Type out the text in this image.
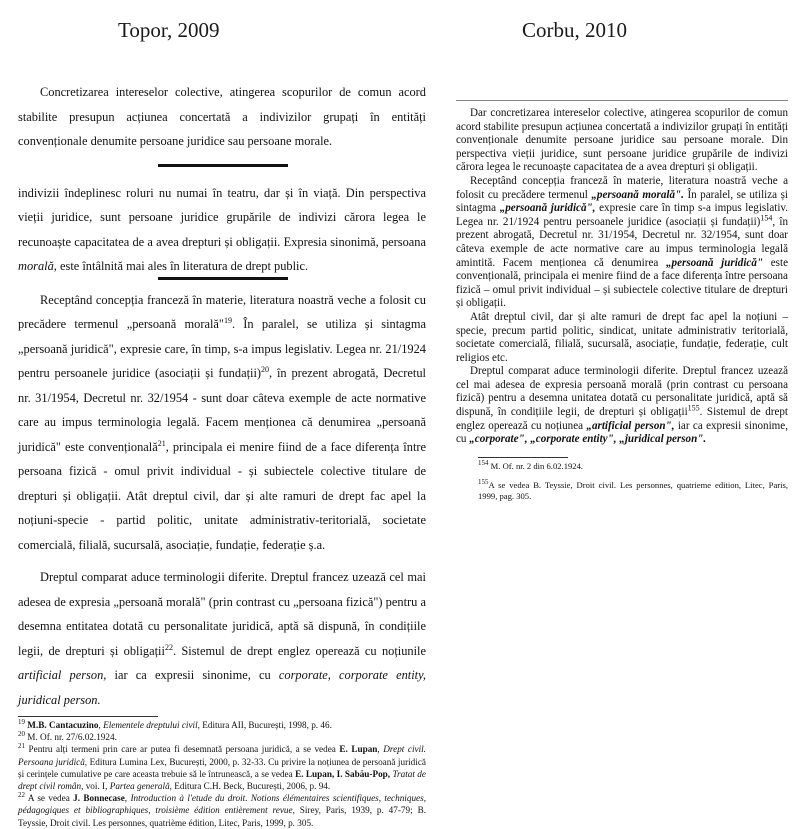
Topor, 2009	Corbu, 2010

Concretizarea intereselor colective, atingerea scopurilor de comun acord stabilite presupun acțiunea concertată a indivizilor grupați în entități convenționale denumite persoane juridice sau persoane morale.

indivizii îndeplinesc roluri nu numai în teatru, dar și în viață. Din perspectiva vieții juridice, sunt persoane juridice grupările de indivizi cărora legea le recunoaște capacitatea de a avea drepturi și obligații. Expresia sinonimă, persoana morală, este întâlnită mai ales în literatura de drept public.

Receptând concepția franceză în materie, literatura noastră veche a folosit cu precădere termenul „persoană morală"$^{19}$. În paralel, se utiliza și sintagma „persoană juridică", expresie care, în timp, s-a impus legislativ. Legea nr. 21/1924 pentru persoanele juridice (asociații și fundații)$^{20}$, în prezent abrogată, Decretul nr. 31/1954, Decretul nr. 32/1954 - sunt doar câteva exemple de acte normative care au impus terminologia legală. Facem menționea că denumirea „persoană juridică" este convențională$^{21}$, principala ei menire fiind de a face diferența între persoana fizică - omul privit individual - și subiectele colective titulare de drepturi și obligații. Atât dreptul civil, dar și alte ramuri de drept fac apel la noțiuni-specie - partid politic, unitate administrativ-teritorială, societate comercială, filială, sucursală, asociație, fundație, federație ș.a.

Dreptul comparat aduce terminologii diferite. Dreptul francez uzează cel mai adesea de expresia „persoană morală" (prin contrast cu „persoana fizică") pentru a desemna entitatea dotată cu personalitate juridică, aptă să dispună, în condițiile legii, de drepturi și obligații$^{22}$. Sistemul de drept englez operează cu noțiunile artificial person, iar ca expresii sinonime, cu corporate, corporate entity, juridical person.

$^{19}$ M.B. Cantacuzino, Elementele dreptului civil, Editura AII, București, 1998, p. 46.

$^{20}$ M. Of. nr. 27/6.02.1924.

$^{21}$ Pentru alți termeni prin care ar putea fi desemnată persoana juridică, a se vedea E. Lupan, Drept civil. Persoana juridică, Editura Lumina Lex, București, 2000, p. 32-33. Cu privire la noțiunea de persoană juridică și cerințele cumulative pe care aceasta trebuie să le întrunească, a se vedea E. Lupan, I. Sabău-Pop, Tratat de drept civil român, voi. I, Partea generală, Editura C.H. Beck, București, 2006, p. 94.

$^{22}$ A se vedea J. Bonnecase, Introduction à l'etude du droit. Notions élémentaires scientifiques, techniques, pédagogiques et bibliographiques, troisième édition entièrement revue, Sirey, Paris, 1939, p. 47-79; B. Teyssie, Droit civil. Les personnes, quatrième édition, Litec, Paris, 1999, p. 305.

Dar concretizarea intereselor colective, atingerea scopurilor de comun acord stabilite presupun acțiunea concertată a indivizilor grupați în entități convenționale denumite persoane juridice sau persoane morale. Din perspectiva vieții juridice, sunt persoane juridice grupările de indivizi cărora legea le recunoaște capacitatea de a avea drepturi și obligații.

Receptând concepția franceză în materie, literatura noastră veche a folosit cu precădere termenul „persoană morală". În paralel, se utiliza și sintagma „persoană juridică", expresie care în timp s-a impus legislativ. Legea nr. 21/1924 pentru persoanele juridice (asociații și fundații)$^{154}$, în prezent abrogată, Decretul nr. 31/1954, Decretul nr. 32/1954, sunt doar câteva exemple de acte normative care au impus terminologia legală amintită. Facem menționea că denumirea „persoană juridică" este convențională, principala ei menire fiind de a face diferența între persoana fizică – omul privit individual – și subiectele colective titulare de drepturi și obligații.

Atât dreptul civil, dar și alte ramuri de drept fac apel la noțiuni – specie, precum partid politic, sindicat, unitate administrativ teritorială, societate comercială, filială, sucursală, asociație, fundație, federație, cult religios etc.

Dreptul comparat aduce terminologii diferite. Dreptul francez uzează cel mai adesea de expresia persoană morală (prin contrast cu persoana fizică) pentru a desemna unitatea dotată cu personalitate juridică, aptă să dispună, în condițiile legii, de drepturi și obligații$^{155}$. Sistemul de drept englez operează cu noțiunea „artificial person", iar ca expresii sinonime, cu „corporate", „corporate entity", „juridical person".

$^{154}$ M. Of. nr. 2 din 6.02.1924.

$^{155}$A se vedea B. Teyssie, Droit civil. Les personnes, quatrieme edition, Litec, Paris, 1999, pag. 305.
